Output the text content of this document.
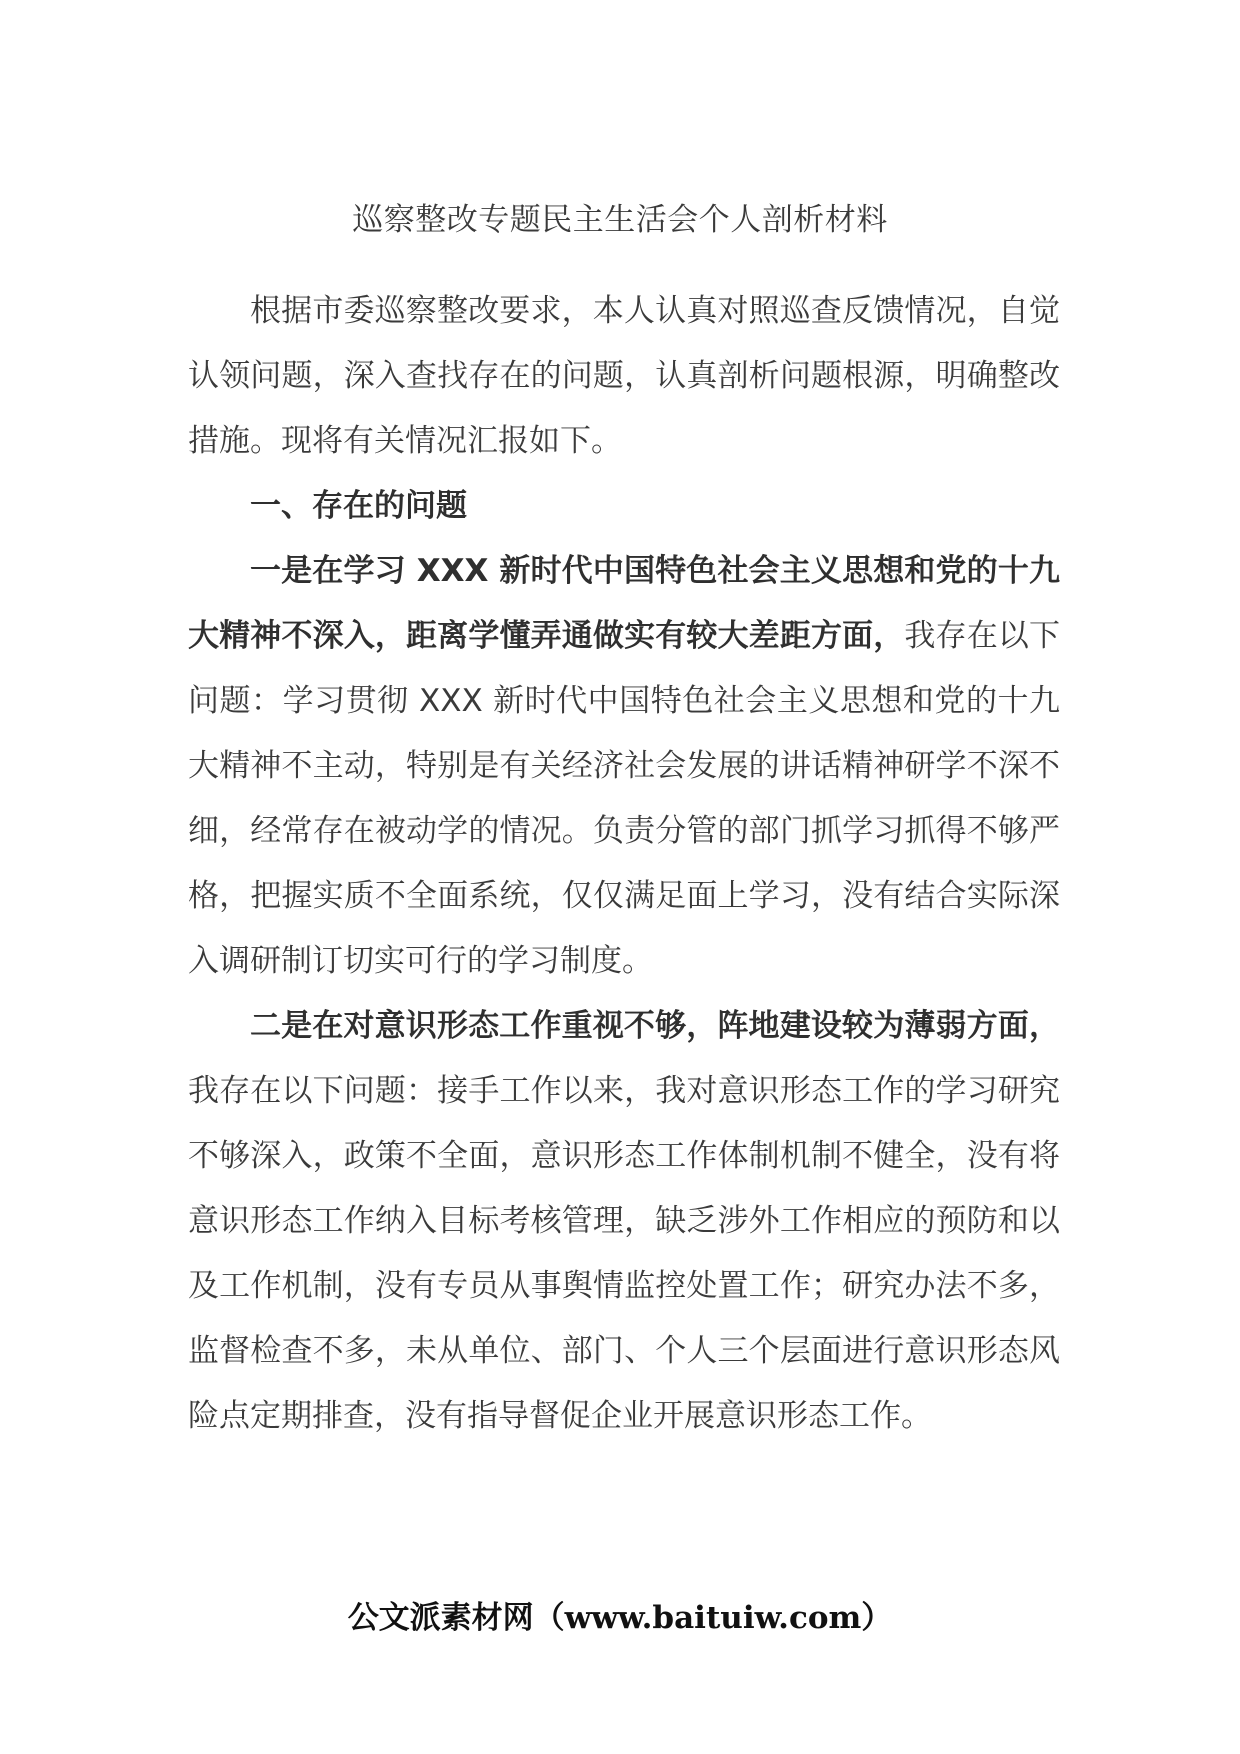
巡察整改专题民主生活会个人剖析材料

根据市委巡察整改要求，本人认真对照巡查反馈情况，自觉认领问题，深入查找存在的问题，认真剖析问题根源，明确整改措施。现将有关情况汇报如下。

一、存在的问题

一是在学习 XXX 新时代中国特色社会主义思想和党的十九大精神不深入，距离学懂弄通做实有较大差距方面，我存在以下问题：学习贯彻 XXX 新时代中国特色社会主义思想和党的十九大精神不主动，特别是有关经济社会发展的讲话精神研学不深不细，经常存在被动学的情况。负责分管的部门抓学习抓得不够严格，把握实质不全面系统，仅仅满足面上学习，没有结合实际深入调研制订切实可行的学习制度。

二是在对意识形态工作重视不够，阵地建设较为薄弱方面，我存在以下问题：接手工作以来，我对意识形态工作的学习研究不够深入，政策不全面，意识形态工作体制机制不健全，没有将意识形态工作纳入目标考核管理，缺乏涉外工作相应的预防和以及工作机制，没有专员从事舆情监控处置工作；研究办法不多，监督检查不多，未从单位、部门、个人三个层面进行意识形态风险点定期排查，没有指导督促企业开展意识形态工作。

公文派素材网（www.baituiw.com）
